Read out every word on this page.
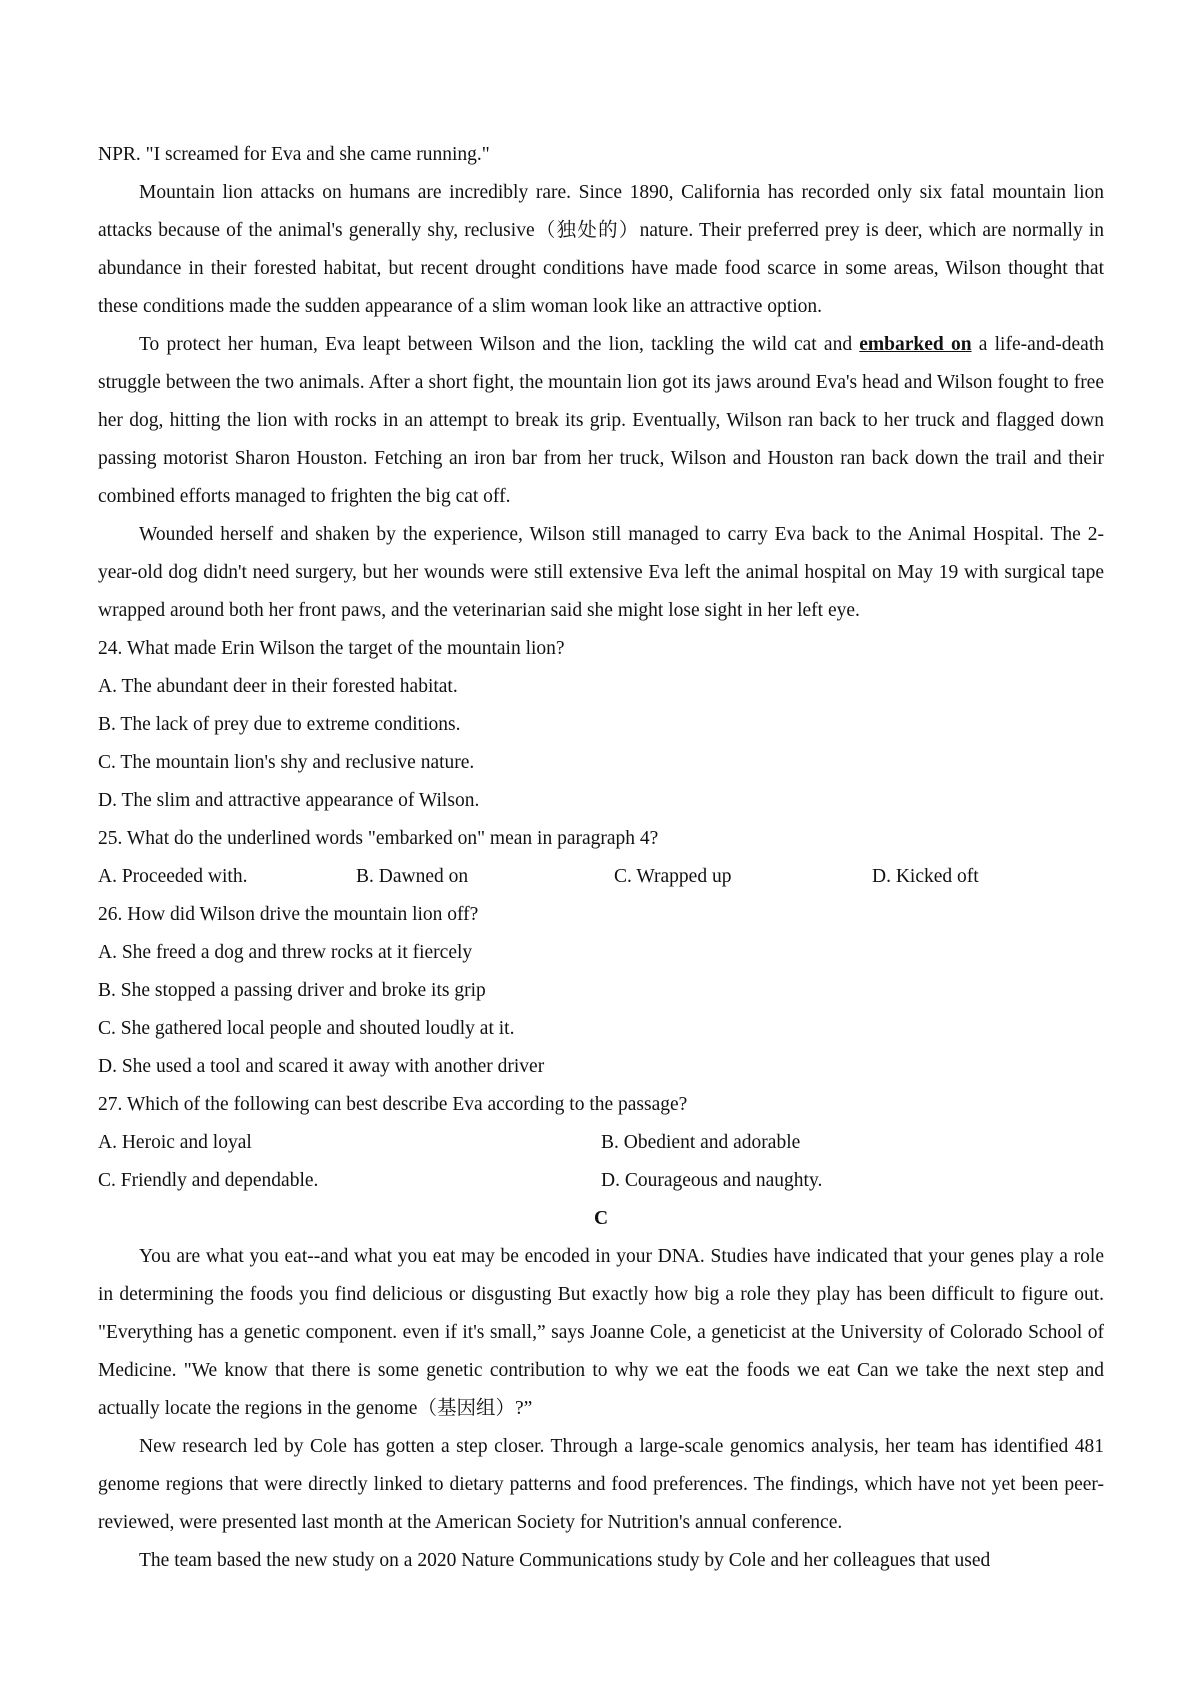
NPR. "I screamed for Eva and she came running."

Mountain lion attacks on humans are incredibly rare. Since 1890, California has recorded only six fatal mountain lion attacks because of the animal's generally shy, reclusive（独处的）nature. Their preferred prey is deer, which are normally in abundance in their forested habitat, but recent drought conditions have made food scarce in some areas, Wilson thought that these conditions made the sudden appearance of a slim woman look like an attractive option.

To protect her human, Eva leapt between Wilson and the lion, tackling the wild cat and embarked on a life-and-death struggle between the two animals. After a short fight, the mountain lion got its jaws around Eva's head and Wilson fought to free her dog, hitting the lion with rocks in an attempt to break its grip. Eventually, Wilson ran back to her truck and flagged down passing motorist Sharon Houston. Fetching an iron bar from her truck, Wilson and Houston ran back down the trail and their combined efforts managed to frighten the big cat off.

Wounded herself and shaken by the experience, Wilson still managed to carry Eva back to the Animal Hospital. The 2-year-old dog didn't need surgery, but her wounds were still extensive Eva left the animal hospital on May 19 with surgical tape wrapped around both her front paws, and the veterinarian said she might lose sight in her left eye.

24. What made Erin Wilson the target of the mountain lion?

A. The abundant deer in their forested habitat.

B. The lack of prey due to extreme conditions.

C. The mountain lion's shy and reclusive nature.

D. The slim and attractive appearance of Wilson.

25. What do the underlined words "embarked on" mean in paragraph 4?

A. Proceeded with.	B. Dawned on	C. Wrapped up	D. Kicked oft

26. How did Wilson drive the mountain lion off?

A. She freed a dog and threw rocks at it fiercely

B. She stopped a passing driver and broke its grip

C. She gathered local people and shouted loudly at it.

D. She used a tool and scared it away with another driver

27. Which of the following can best describe Eva according to the passage?

A. Heroic and loyal	B. Obedient and adorable
C. Friendly and dependable.	D. Courageous and naughty.

C

You are what you eat--and what you eat may be encoded in your DNA. Studies have indicated that your genes play a role in determining the foods you find delicious or disgusting But exactly how big a role they play has been difficult to figure out. "Everything has a genetic component. even if it's small,” says Joanne Cole, a geneticist at the University of Colorado School of Medicine. "We know that there is some genetic contribution to why we eat the foods we eat Can we take the next step and actually locate the regions in the genome（基因组）?”

New research led by Cole has gotten a step closer. Through a large-scale genomics analysis, her team has identified 481 genome regions that were directly linked to dietary patterns and food preferences. The findings, which have not yet been peer-reviewed, were presented last month at the American Society for Nutrition's annual conference.

The team based the new study on a 2020 Nature Communications study by Cole and her colleagues that used
